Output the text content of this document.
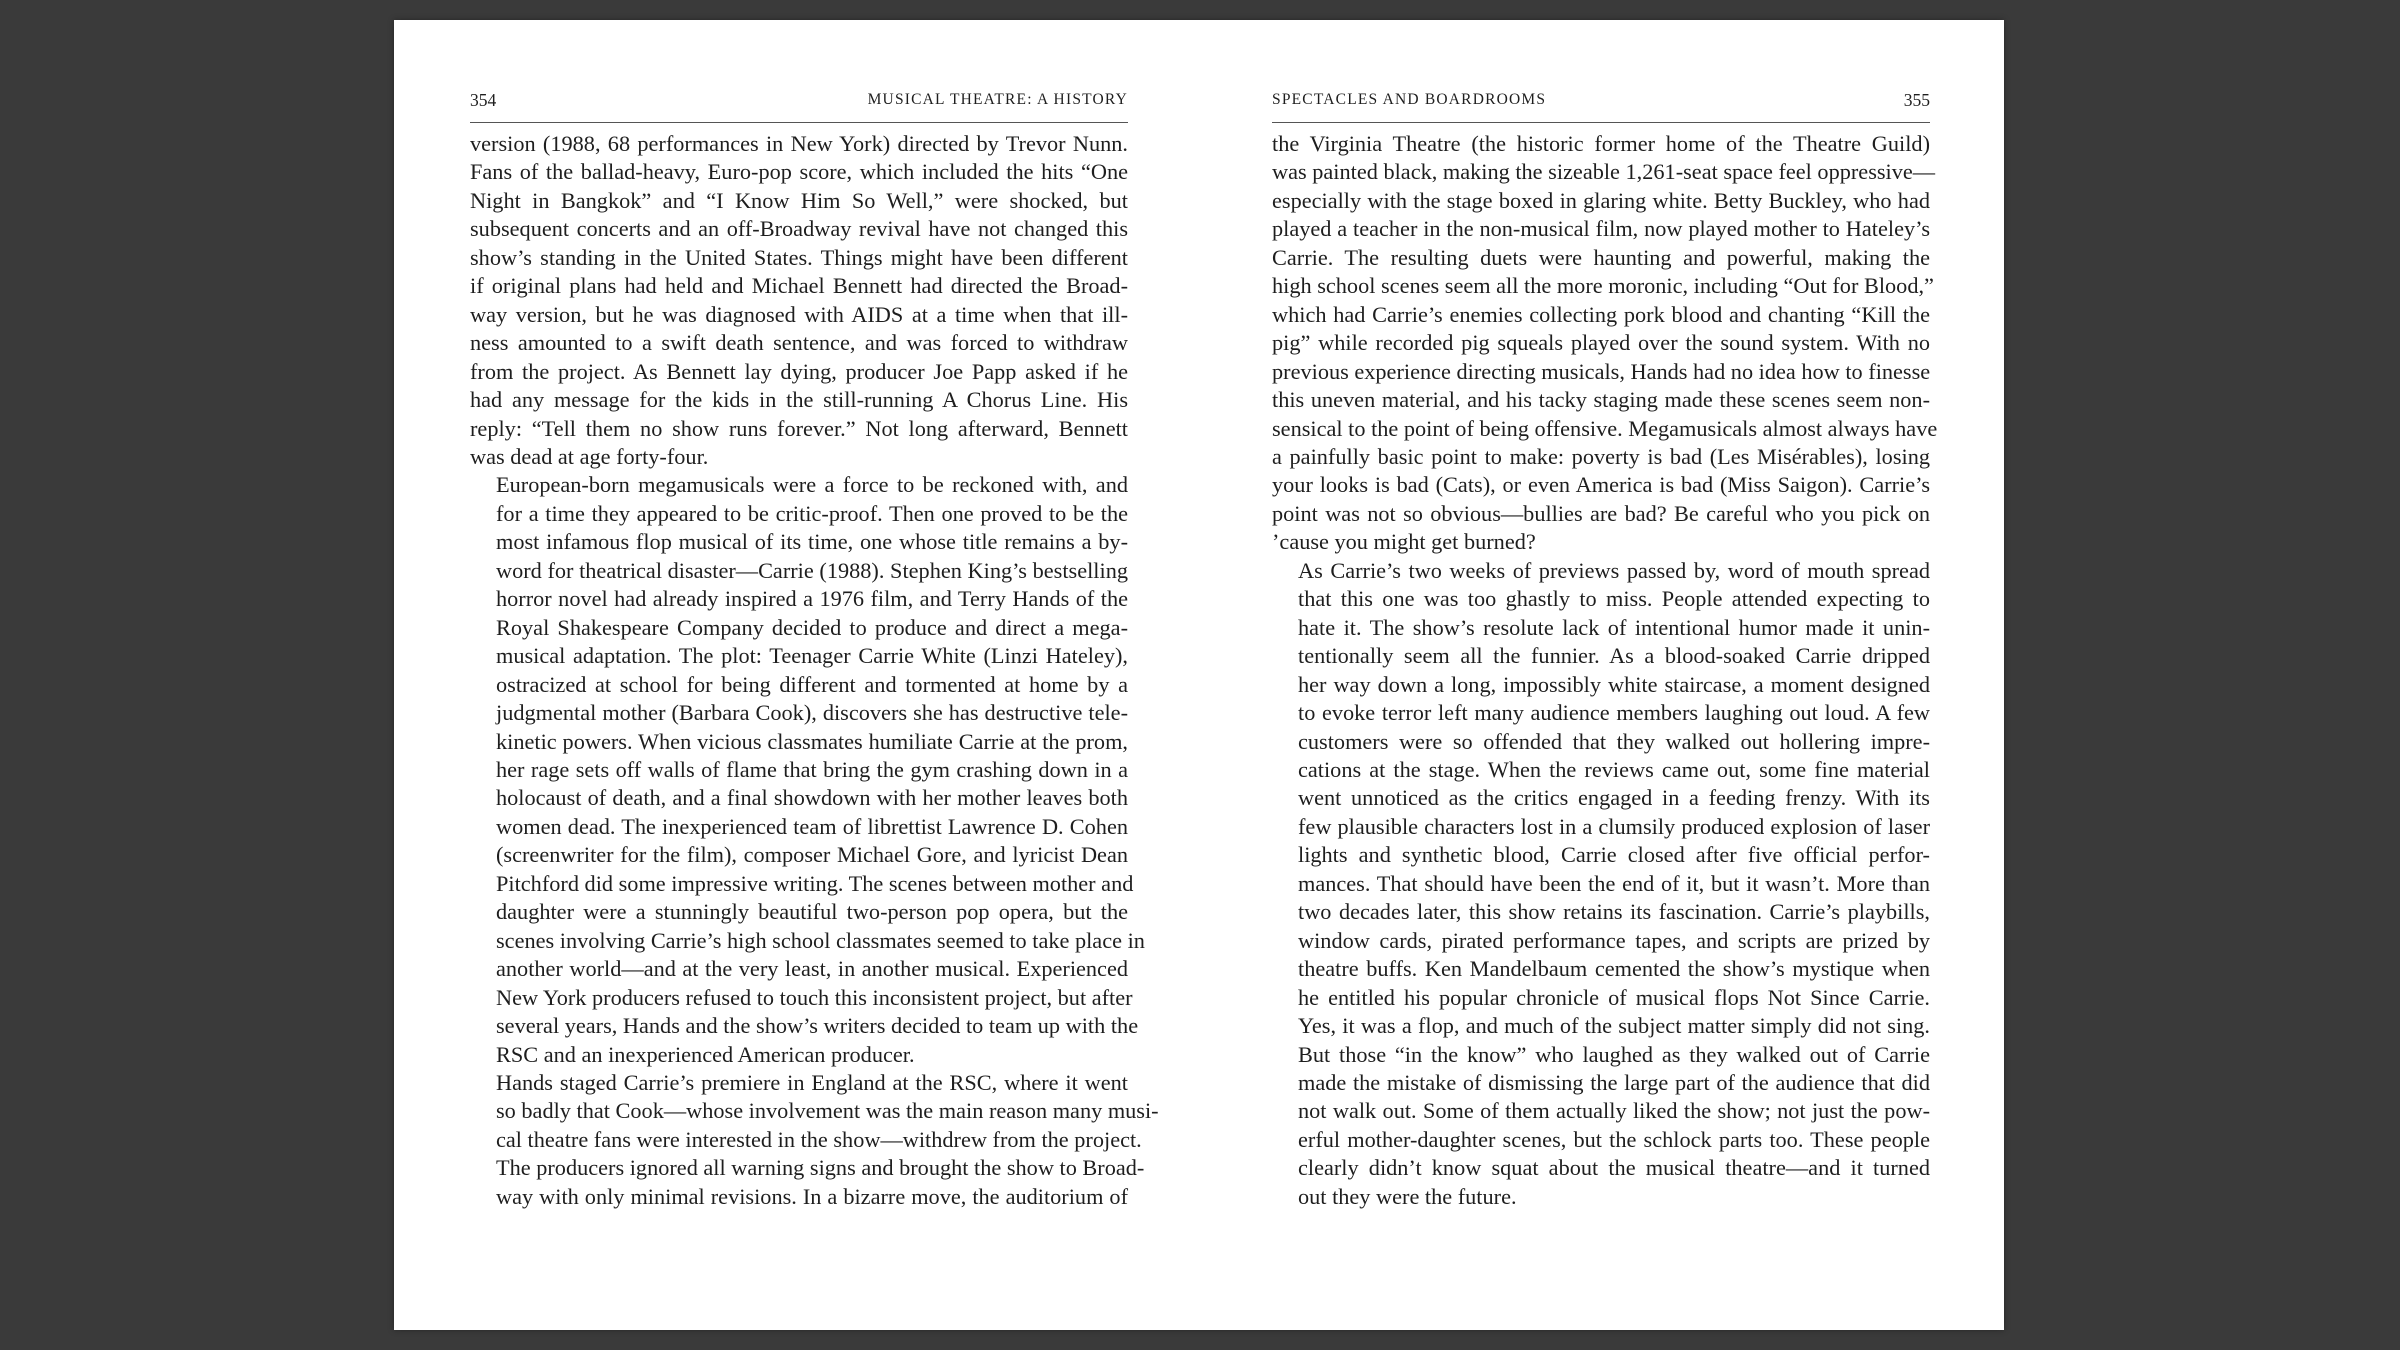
354	MUSICAL THEATRE: A HISTORY

version (1988, 68 performances in New York) directed by Trevor Nunn.
Fans of the ballad-heavy, Euro-pop score, which included the hits “One
Night in Bangkok” and “I Know Him So Well,” were shocked, but
subsequent concerts and an off-Broadway revival have not changed this
show’s standing in the United States. Things might have been different
if original plans had held and Michael Bennett had directed the Broad-
way version, but he was diagnosed with AIDS at a time when that ill-
ness amounted to a swift death sentence, and was forced to withdraw
from the project. As Bennett lay dying, producer Joe Papp asked if he
had any message for the kids in the still-running A Chorus Line. His
reply: “Tell them no show runs forever.” Not long afterward, Bennett
was dead at age forty-four.

European-born megamusicals were a force to be reckoned with, and
for a time they appeared to be critic-proof. Then one proved to be the
most infamous flop musical of its time, one whose title remains a by-
word for theatrical disaster—Carrie (1988). Stephen King’s bestselling
horror novel had already inspired a 1976 film, and Terry Hands of the
Royal Shakespeare Company decided to produce and direct a mega-
musical adaptation. The plot: Teenager Carrie White (Linzi Hateley),
ostracized at school for being different and tormented at home by a
judgmental mother (Barbara Cook), discovers she has destructive tele-
kinetic powers. When vicious classmates humiliate Carrie at the prom,
her rage sets off walls of flame that bring the gym crashing down in a
holocaust of death, and a final showdown with her mother leaves both
women dead. The inexperienced team of librettist Lawrence D. Cohen
(screenwriter for the film), composer Michael Gore, and lyricist Dean
Pitchford did some impressive writing. The scenes between mother and
daughter were a stunningly beautiful two-person pop opera, but the
scenes involving Carrie’s high school classmates seemed to take place in
another world—and at the very least, in another musical. Experienced
New York producers refused to touch this inconsistent project, but after
several years, Hands and the show’s writers decided to team up with the
RSC and an inexperienced American producer.

Hands staged Carrie’s premiere in England at the RSC, where it went
so badly that Cook—whose involvement was the main reason many musi-
cal theatre fans were interested in the show—withdrew from the project.
The producers ignored all warning signs and brought the show to Broad-
way with only minimal revisions. In a bizarre move, the auditorium of

SPECTACLES AND BOARDROOMS	355

the Virginia Theatre (the historic former home of the Theatre Guild)
was painted black, making the sizeable 1,261-seat space feel oppressive—
especially with the stage boxed in glaring white. Betty Buckley, who had
played a teacher in the non-musical film, now played mother to Hateley’s
Carrie. The resulting duets were haunting and powerful, making the
high school scenes seem all the more moronic, including “Out for Blood,”
which had Carrie’s enemies collecting pork blood and chanting “Kill the
pig” while recorded pig squeals played over the sound system. With no
previous experience directing musicals, Hands had no idea how to finesse
this uneven material, and his tacky staging made these scenes seem non-
sensical to the point of being offensive. Megamusicals almost always have
a painfully basic point to make: poverty is bad (Les Misérables), losing
your looks is bad (Cats), or even America is bad (Miss Saigon). Carrie’s
point was not so obvious—bullies are bad? Be careful who you pick on
’cause you might get burned?

As Carrie’s two weeks of previews passed by, word of mouth spread
that this one was too ghastly to miss. People attended expecting to
hate it. The show’s resolute lack of intentional humor made it unin-
tentionally seem all the funnier. As a blood-soaked Carrie dripped
her way down a long, impossibly white staircase, a moment designed
to evoke terror left many audience members laughing out loud. A few
customers were so offended that they walked out hollering impre-
cations at the stage. When the reviews came out, some fine material
went unnoticed as the critics engaged in a feeding frenzy. With its
few plausible characters lost in a clumsily produced explosion of laser
lights and synthetic blood, Carrie closed after five official perfor-
mances. That should have been the end of it, but it wasn’t. More than
two decades later, this show retains its fascination. Carrie’s playbills,
window cards, pirated performance tapes, and scripts are prized by
theatre buffs. Ken Mandelbaum cemented the show’s mystique when
he entitled his popular chronicle of musical flops Not Since Carrie.
Yes, it was a flop, and much of the subject matter simply did not sing.
But those “in the know” who laughed as they walked out of Carrie
made the mistake of dismissing the large part of the audience that did
not walk out. Some of them actually liked the show; not just the pow-
erful mother-daughter scenes, but the schlock parts too. These people
clearly didn’t know squat about the musical theatre—and it turned
out they were the future.
